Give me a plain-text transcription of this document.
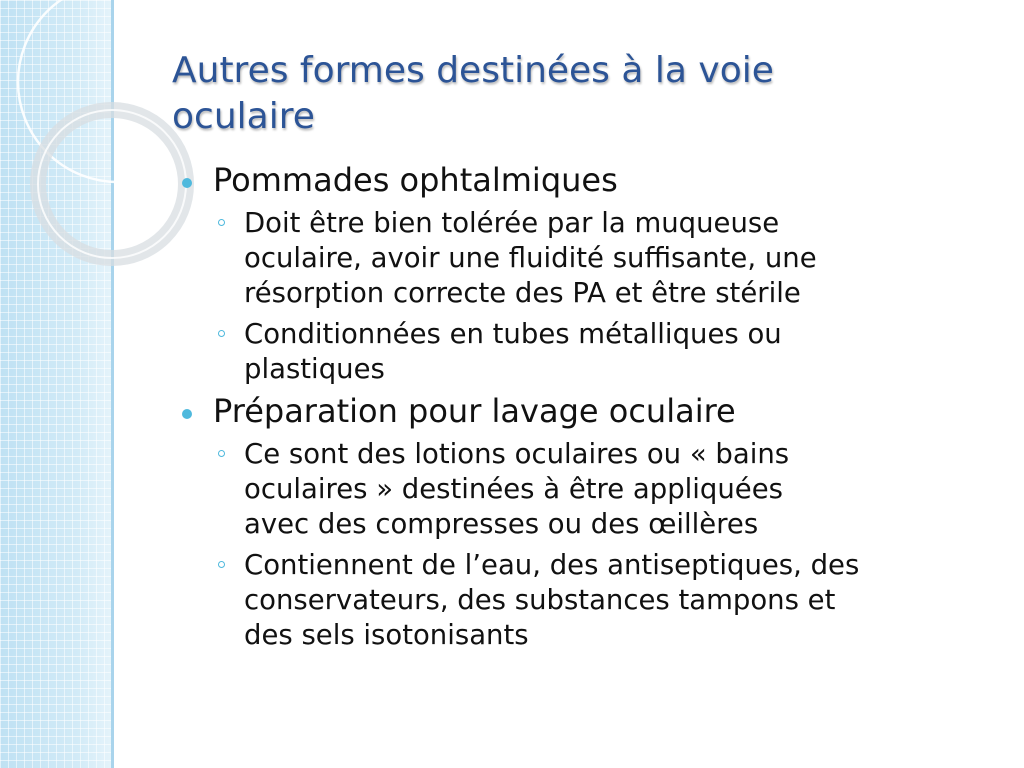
Autres formes destinées à la voie
oculaire
Pommades ophtalmiques
Doit être bien tolérée par la muqueuse
oculaire, avoir une fluidité suffisante, une
résorption correcte des PA et être stérile
Conditionnées en tubes métalliques ou
plastiques
Préparation pour lavage oculaire
Ce sont des lotions oculaires ou « bains
oculaires » destinées à être appliquées
avec des compresses ou des œillères
Contiennent de l’eau, des antiseptiques, des
conservateurs, des substances tampons et
des sels isotonisants
